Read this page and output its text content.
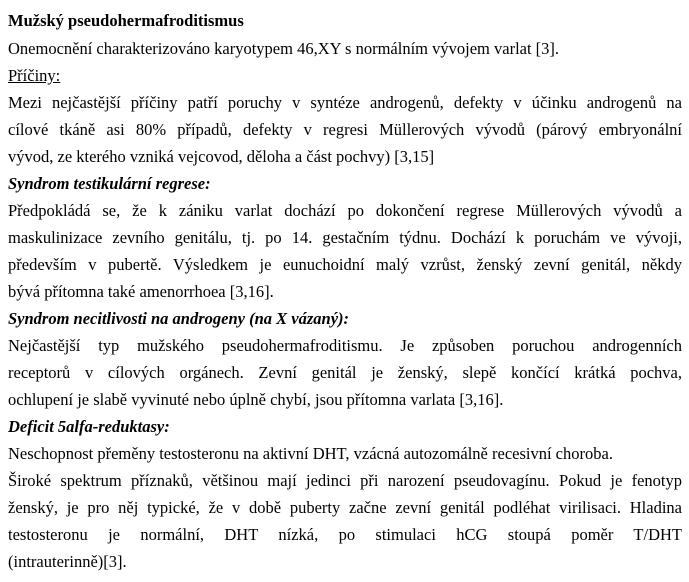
Mužský pseudohermafroditismus

Onemocnění charakterizováno karyotypem 46,XY s normálním vývojem varlat [3].

Příčiny:

Mezi nejčastější příčiny patří poruchy v syntéze androgenů, defekty v účinku androgenů na

cílové tkáně asi 80% případů, defekty v regresi Müllerových vývodů (párový embryonální

vývod, ze kterého vzniká vejcovod, děloha a část pochvy) [3,15]

Syndrom testikulární regrese:

Předpokládá se, že k zániku varlat dochází po dokončení regrese Müllerových vývodů a

maskulinizace zevního genitálu, tj. po 14. gestačním týdnu. Dochází k poruchám ve vývoji,

především v pubertě. Výsledkem je eunuchoidní malý vzrůst, ženský zevní genitál, někdy

bývá přítomna také amenorrhoea [3,16].

Syndrom necitlivosti na androgeny (na X vázaný):

Nejčastější typ mužského pseudohermafroditismu. Je způsoben poruchou androgenních

receptorů v cílových orgánech. Zevní genitál je ženský, slepě končící krátká pochva,

ochlupení je slabě vyvinuté nebo úplně chybí, jsou přítomna varlata [3,16].

Deficit 5alfa-reduktasy:

Neschopnost přeměny testosteronu na aktivní DHT, vzácná autozomálně recesivní choroba.

Široké spektrum příznaků, většinou mají jedinci při narození pseudovagínu. Pokud je fenotyp

ženský, je pro něj typické, že v době puberty začne zevní genitál podléhat virilisaci. Hladina

testosteronu je normální, DHT nízká, po stimulaci hCG stoupá poměr T/DHT

(intrauterinně)[3].
